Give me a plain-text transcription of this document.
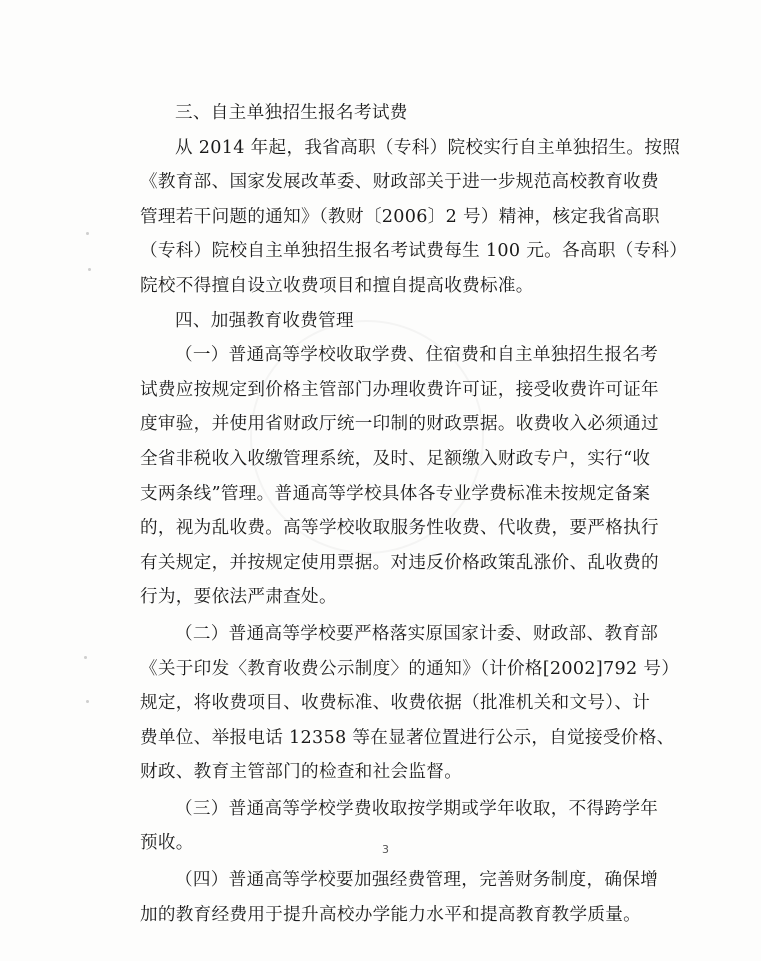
三、自主单独招生报名考试费
从 2014 年起，我省高职（专科）院校实行自主单独招生。按照
《教育部、国家发展改革委、财政部关于进一步规范高校教育收费
管理若干问题的通知》（教财〔2006〕2 号）精神，核定我省高职
（专科）院校自主单独招生报名考试费每生 100 元。各高职（专科）
院校不得擅自设立收费项目和擅自提高收费标准。
四、加强教育收费管理
（一）普通高等学校收取学费、住宿费和自主单独招生报名考
试费应按规定到价格主管部门办理收费许可证，接受收费许可证年
度审验，并使用省财政厅统一印制的财政票据。收费收入必须通过
全省非税收入收缴管理系统，及时、足额缴入财政专户，实行“收
支两条线”管理。普通高等学校具体各专业学费标准未按规定备案
的，视为乱收费。高等学校收取服务性收费、代收费，要严格执行
有关规定，并按规定使用票据。对违反价格政策乱涨价、乱收费的
行为，要依法严肃查处。
（二）普通高等学校要严格落实原国家计委、财政部、教育部
《关于印发〈教育收费公示制度〉的通知》（计价格[2002]792 号）
规定，将收费项目、收费标准、收费依据（批准机关和文号）、计
费单位、举报电话 12358 等在显著位置进行公示，自觉接受价格、
财政、教育主管部门的检查和社会监督。
（三）普通高等学校学费收取按学期或学年收取，不得跨学年
预收。
（四）普通高等学校要加强经费管理，完善财务制度，确保增
加的教育经费用于提升高校办学能力水平和提高教育教学质量。
3
